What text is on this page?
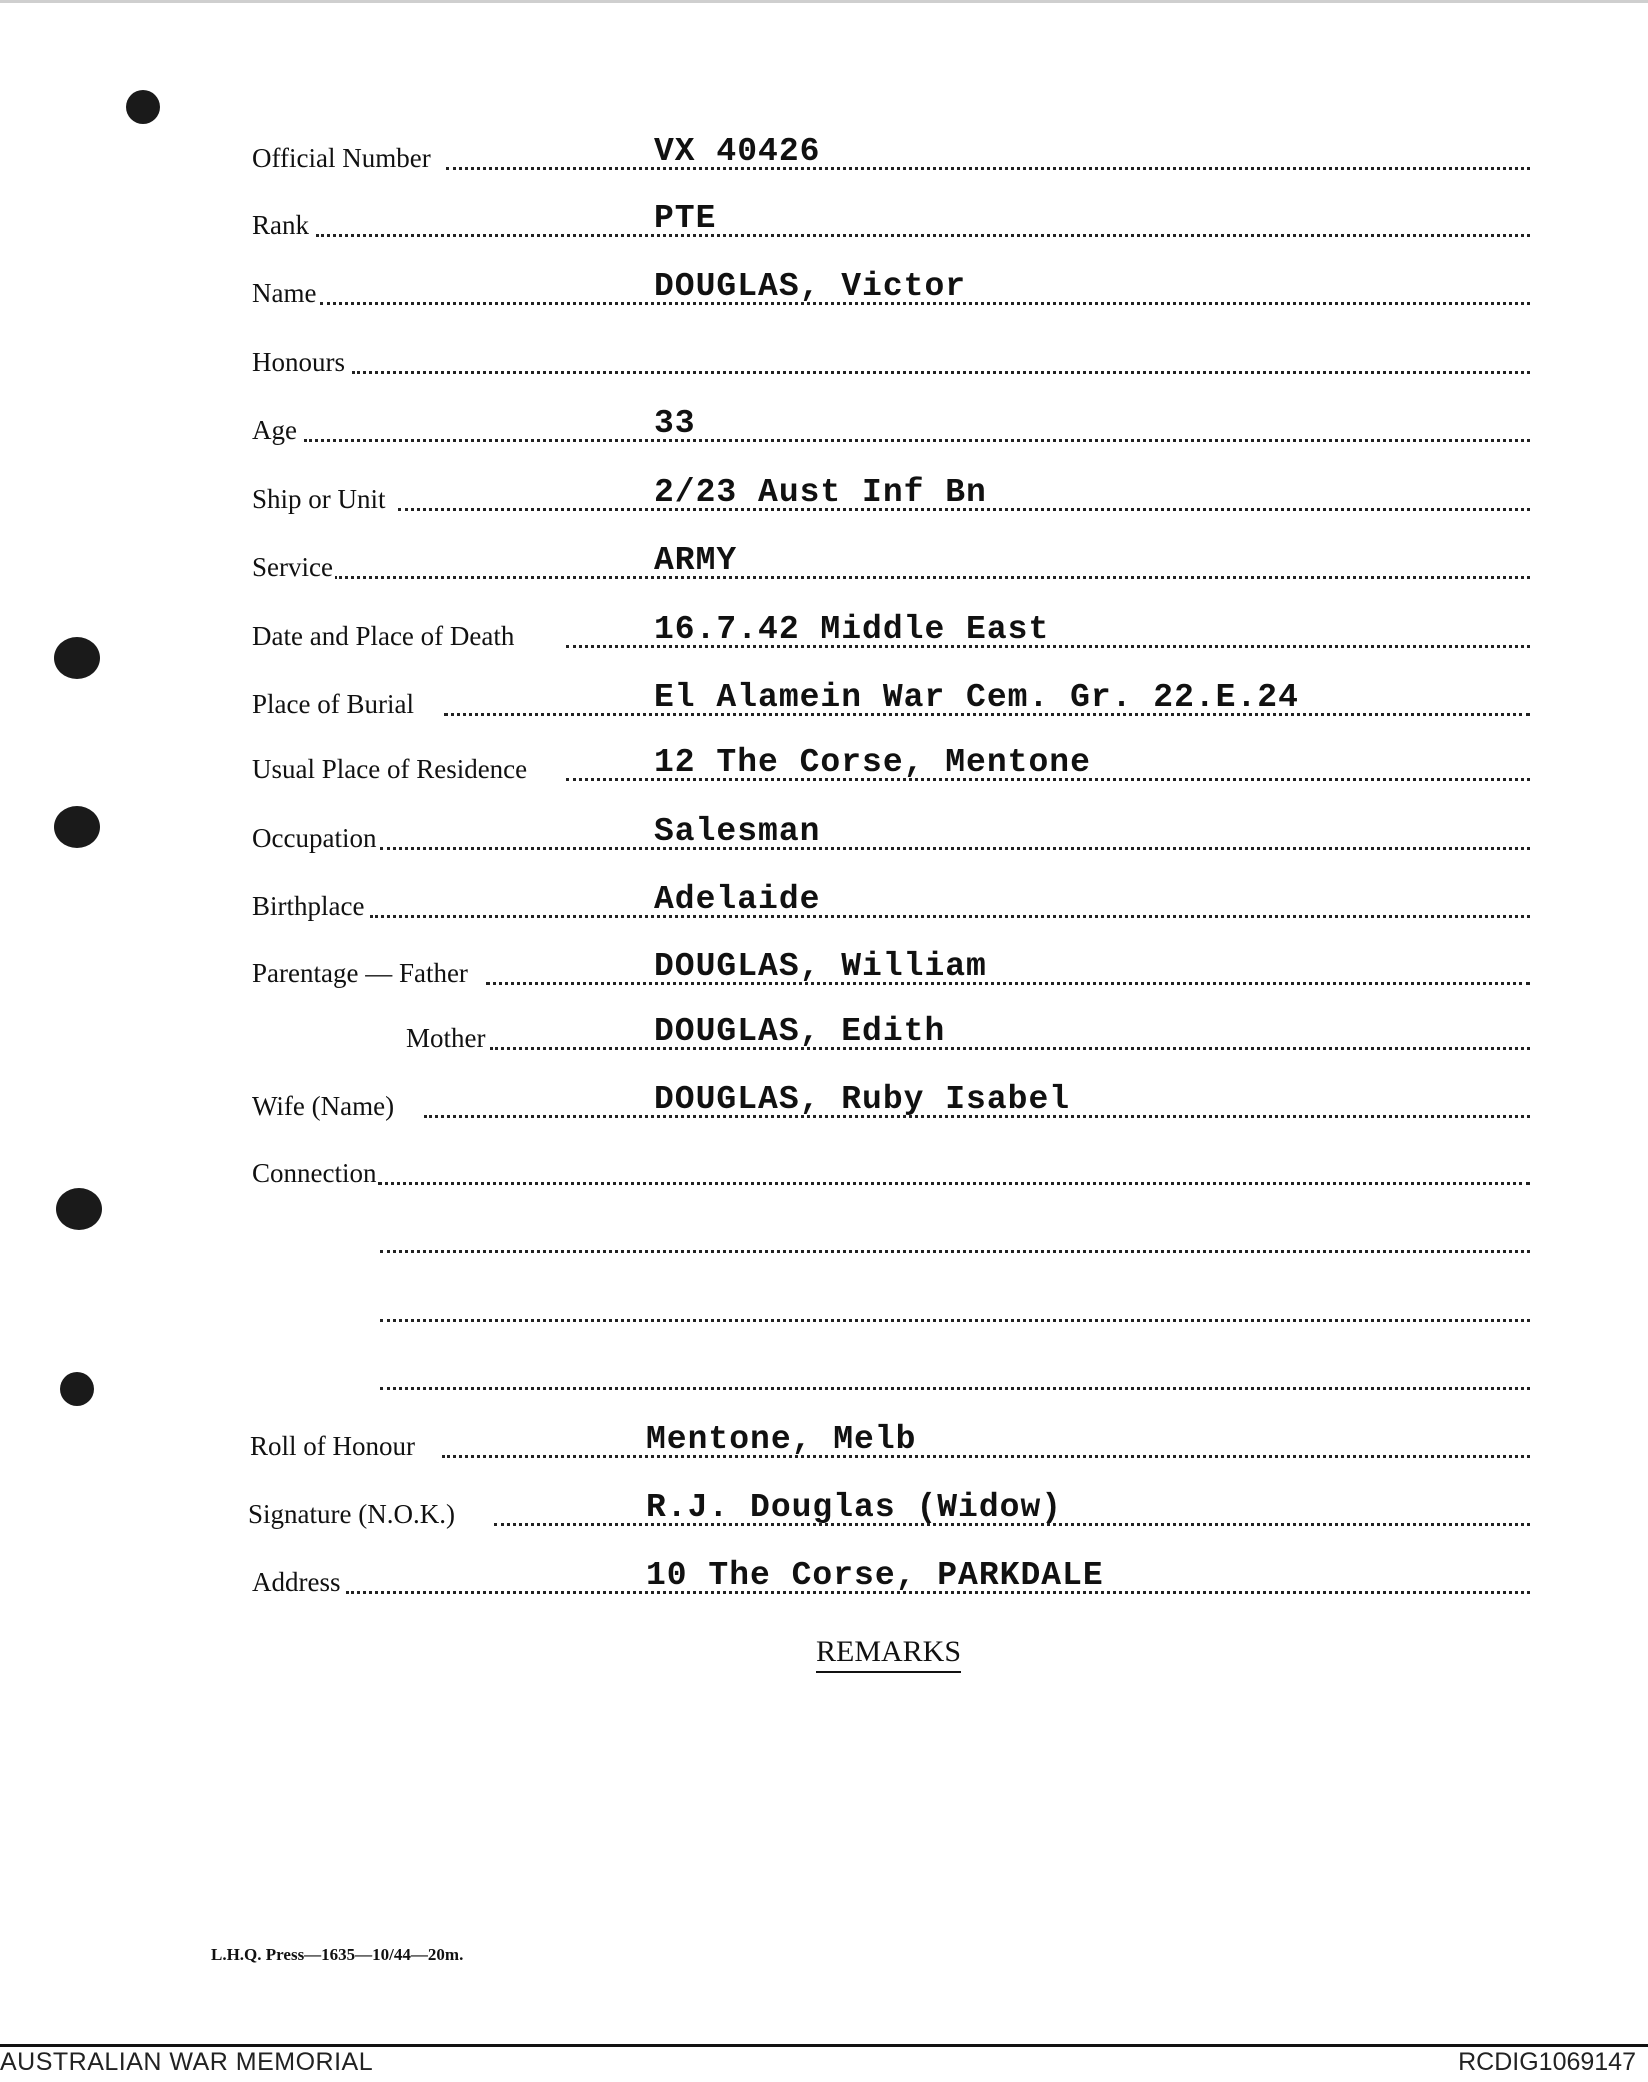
Official Number	VX 40426
Rank	PTE
Name	DOUGLAS, Victor
Honours
Age	33
Ship or Unit	2/23 Aust Inf Bn
Service	ARMY
Date and Place of Death	16.7.42 Middle East
Place of Burial	El Alamein War Cem. Gr. 22.E.24
Usual Place of Residence	12 The Corse, Mentone
Occupation	Salesman
Birthplace	Adelaide
Parentage — Father	DOUGLAS, William
Mother	DOUGLAS, Edith
Wife (Name)	DOUGLAS, Ruby Isabel
Connection
Roll of Honour	Mentone, Melb
Signature (N.O.K.)	R.J. Douglas (Widow)
Address	10 The Corse, PARKDALE
REMARKS
L.H.Q. Press—1635—10/44—20m.
AUSTRALIAN WAR MEMORIAL	RCDIG1069147
